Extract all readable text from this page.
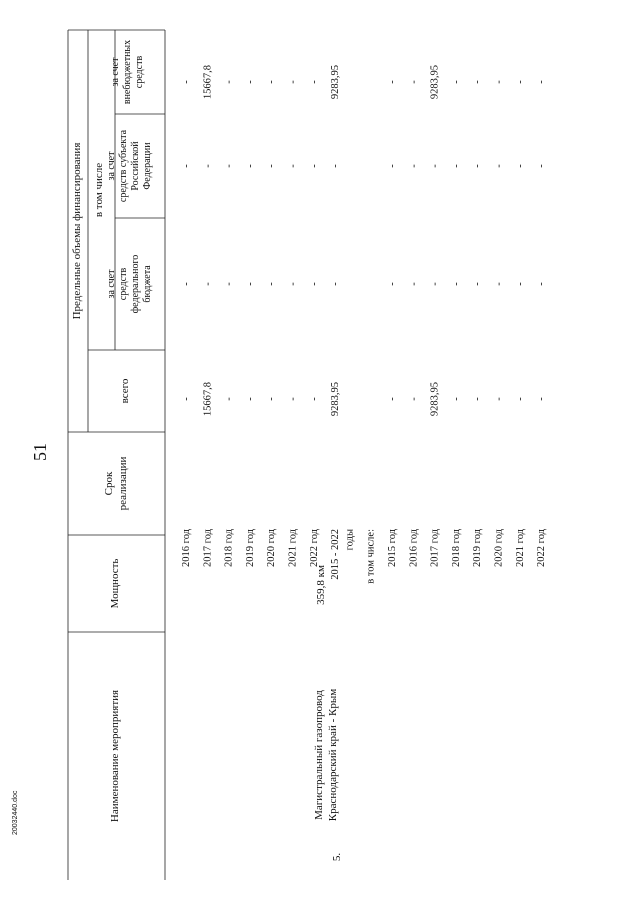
51
20032440.doc	Наименование мероприятия
Мощность
Срок реализации
всего
Предельные объемы финансирования в том числе
за счет средств федерального бюджета
за счет средств субъекта Российской Федерации
за счет внебюджетных средств
5.
Магистральный газопровод Краснодарский край - Крым
359,8 км
2016 год
-
-
-
-
2017 год
15667,8
-
-
15667,8
2018 год
-
-
-
-
2019 год
-
-
-
-
2020 год
-
-
-
-
2021 год
-
-
-
-
2022 год
-
-
-
-
2015 - 2022
9283,95
-
-
9283,95
годы в том числе: 2015 год
-
-
-
-
2016 год
-
-
-
-
2017 год
9283,95
-
-
9283,95
2018 год
-
-
-
-
2019 год
-
-
-
-
2020 год
-
-
-
-
2021 год
-
-
-
-
2022 год
-
-
-
-
